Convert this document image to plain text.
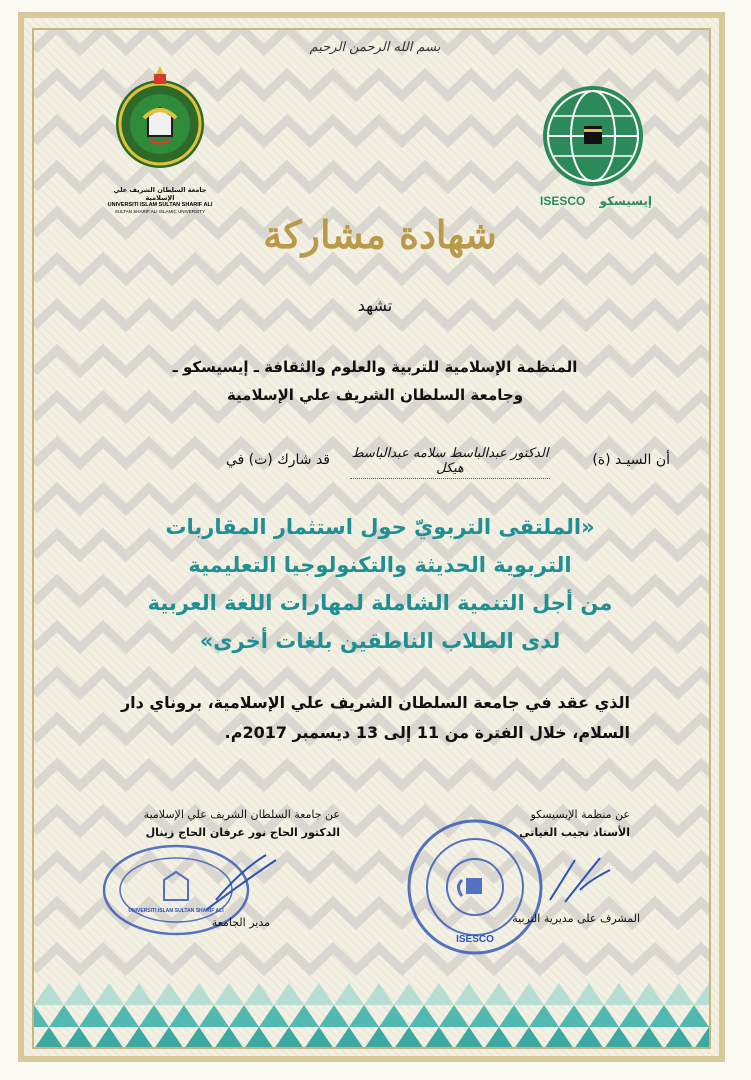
بسم الله الرحمن الرحيم
جامعة السلطان الشريف علي الإسلامية
UNIVERSITI ISLAM SULTAN SHARIF ALI
SULTAN SHARIF ALI ISLAMIC UNIVERSITY
ISESCO إيسيسكو
شهادة مشاركة
تشهد
المنظمة الإسلامية للتربية والعلوم والثقافة ـ إيسيسكو ـ
وجامعة السلطان الشريف علي الإسلامية
أن السيـد (ة)
الدكتور عبدالباسط سلامه عبدالباسط هيكل
قد شارك (ت) في
«الملتقى التربويّ حول استثمار المقاربات
التربوية الحديثة والتكنولوجيا التعليمية
من أجل التنمية الشاملة لمهارات اللغة العربية
لدى الطلاب الناطقين بلغات أخرى»
الذي عقد في جامعة السلطان الشريف علي الإسلامية، بروناي دار
السلام، خلال الفترة من 11 إلى 13 ديسمبر 2017م.
عن منظمة الإيسيسكو
الأستاذ نجيب الغياتي
ISESCO
المشرف على مديرية التربية
عن جامعة السلطان الشريف علي الإسلامية
الدكتور الحاج نور عرفان الحاج زينال
UNIVERSITI ISLAM SULTAN SHARIF ALI
مدير الجامعة
